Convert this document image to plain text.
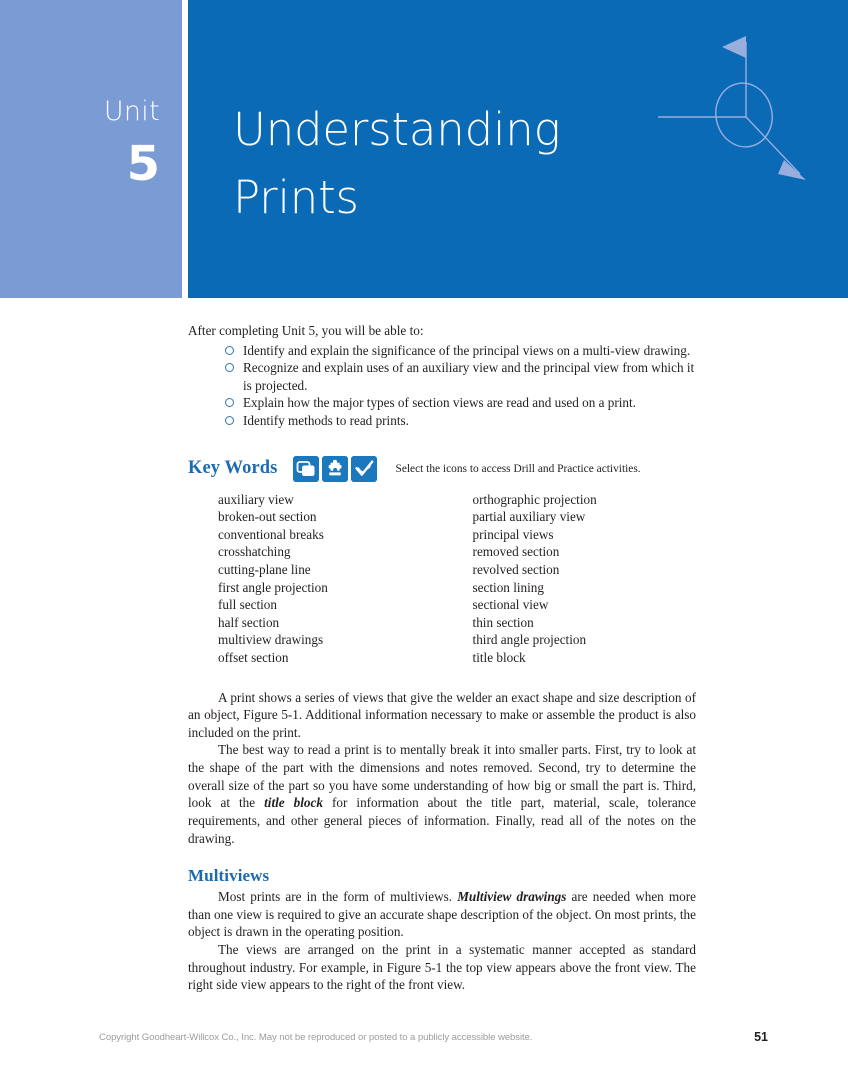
Unit
5
Understanding
Prints

After completing Unit 5, you will be able to:

Identify and explain the significance of the principal views on a multi-view drawing.
Recognize and explain uses of an auxiliary view and the principal view from which it is projected.
Explain how the major types of section views are read and used on a print.
Identify methods to read prints.
Key Words	Select the icons to access Drill and Practice activities.
auxiliary view
broken-out section
conventional breaks
crosshatching
cutting-plane line
first angle projection
full section
half section
multiview drawings
offset section
orthographic projection
partial auxiliary view
principal views
removed section
revolved section
section lining
sectional view
thin section
third angle projection
title block

A print shows a series of views that give the welder an exact shape and size description of an object, Figure 5-1. Additional information necessary to make or assemble the product is also included on the print.

The best way to read a print is to mentally break it into smaller parts. First, try to look at the shape of the part with the dimensions and notes removed. Second, try to determine the overall size of the part so you have some understanding of how big or small the part is. Third, look at the title block for information about the title part, material, scale, tolerance requirements, and other general pieces of information. Finally, read all of the notes on the drawing.

Multiviews

Most prints are in the form of multiviews. Multiview drawings are needed when more than one view is required to give an accurate shape description of the object. On most prints, the object is drawn in the operating position.

The views are arranged on the print in a systematic manner accepted as standard throughout industry. For example, in Figure 5-1 the top view appears above the front view. The right side view appears to the right of the front view.

Copyright Goodheart-Willcox Co., Inc. May not be reproduced or posted to a publicly accessible website.	51
